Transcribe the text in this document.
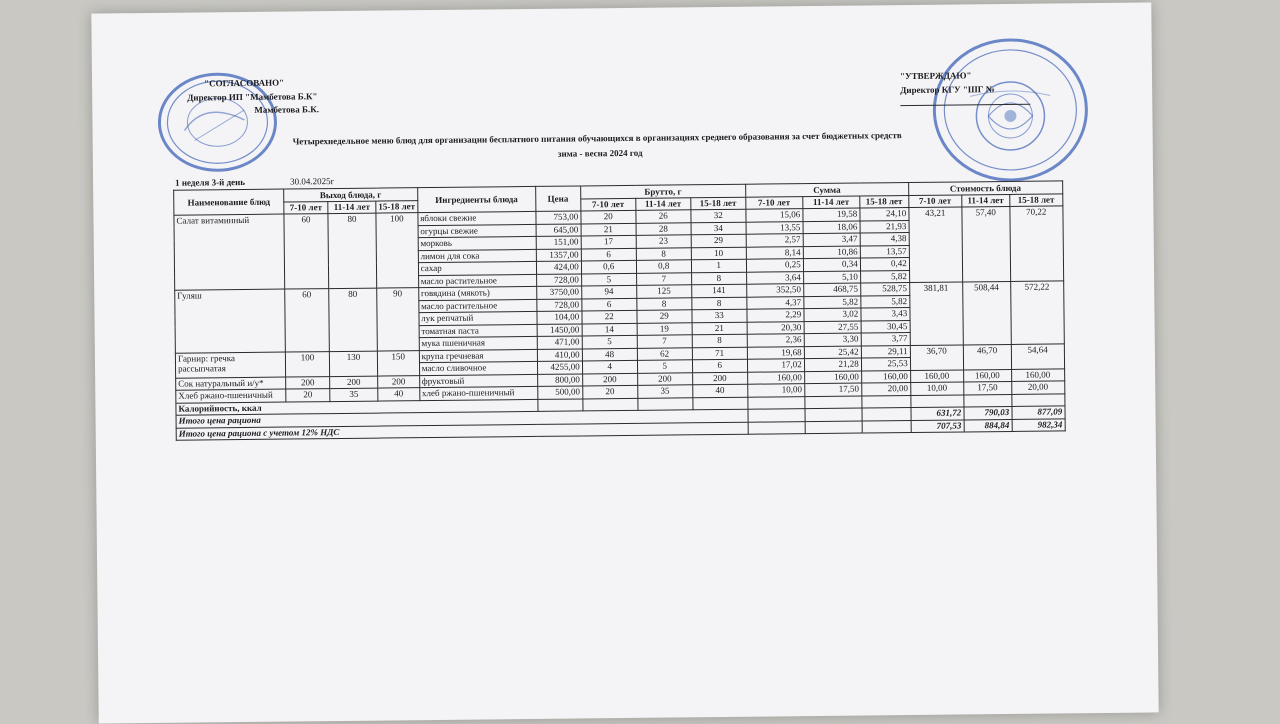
"СОГЛАСОВАНО"
Директор ИП "Мамбетова Б.К"
Мамбетова Б.К.
"УТВЕРЖДАЮ"
Директор КГУ "ШГ №
Четырехнедельное меню блюд для организации бесплатного питания обучающихся в организациях среднего образования за счет бюджетных средств
зима - весна 2024 год
1 неделя 3-й день	30.04.2025г
Наименование блюд	Выход блюда, г			Ингредиенты блюда	Цена	Брутто, г			Сумма			Стоимость блюда		
	7-10 лет	11-14 лет	15-18 лет			7-10 лет	11-14 лет	15-18 лет	7-10 лет	11-14 лет	15-18 лет	7-10 лет	11-14 лет	15-18 лет
Салат витаминный	60	80	100	яблоки свежие	753,00	20	26	32	15,06	19,58	24,10	43,21	57,40	70,22
				огурцы свежие	645,00	21	28	34	13,55	18,06	21,93			
				морковь	151,00	17	23	29	2,57	3,47	4,38			
				лимон для сока	1357,00	6	8	10	8,14	10,86	13,57			
				сахар	424,00	0,6	0,8	1	0,25	0,34	0,42			
				масло растительное	728,00	5	7	8	3,64	5,10	5,82			
Гуляш	60	80	90	говядина (мякоть)	3750,00	94	125	141	352,50	468,75	528,75	381,81	508,44	572,22
				масло растительное	728,00	6	8	8	4,37	5,82	5,82			
				лук репчатый	104,00	22	29	33	2,29	3,02	3,43			
				томатная паста	1450,00	14	19	21	20,30	27,55	30,45			
				мука пшеничная	471,00	5	7	8	2,36	3,30	3,77			
Гарнир: гречка рассыпчатая	100	130	150	крупа гречневая	410,00	48	62	71	19,68	25,42	29,11	36,70	46,70	54,64
				масло сливочное	4255,00	4	5	6	17,02	21,28	25,53			
Сок натуральный и/у*	200	200	200	фруктовый	800,00	200	200	200	160,00	160,00	160,00	160,00	160,00	160,00
Хлеб ржано-пшеничный	20	35	40	хлеб ржано-пшеничный	500,00	20	35	40	10,00	17,50	20,00	10,00	17,50	20,00
Калорийность, ккал														
Итого цена рациона												631,72	790,03	877,09
Итого цена рациона с учетом 12% НДС												707,53	884,84	982,34
